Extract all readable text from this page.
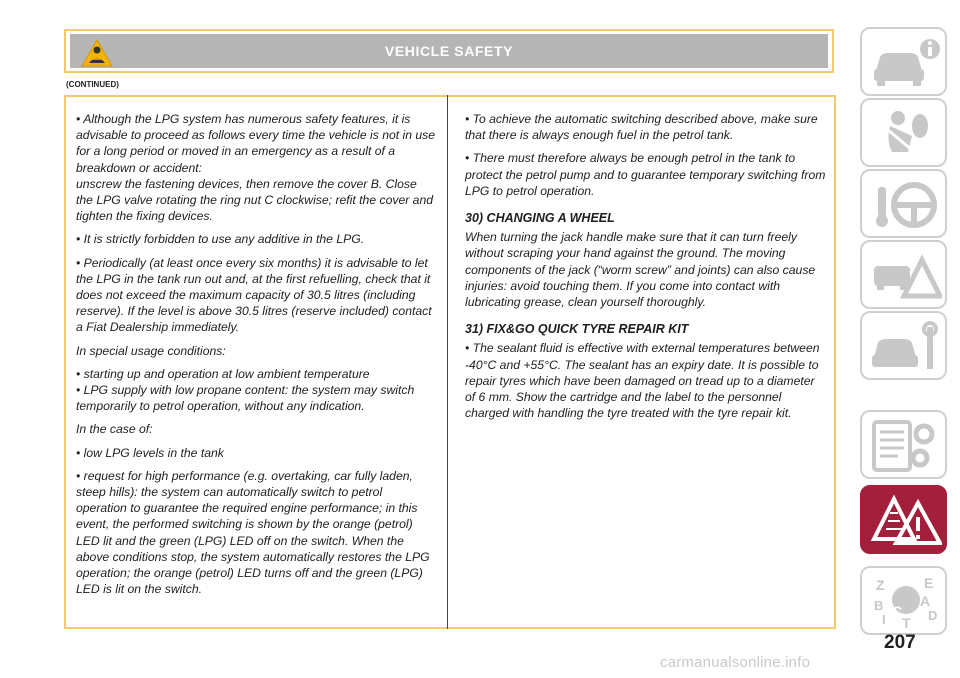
VEHICLE SAFETY
(CONTINUED)

• Although the LPG system has numerous safety features, it is advisable to proceed as follows every time the vehicle is not in use for a long period or moved in an emergency as a result of a breakdown or accident:

unscrew the fastening devices, then remove the cover B. Close the LPG valve rotating the ring nut C clockwise; refit the cover and tighten the fixing devices.

• It is strictly forbidden to use any additive in the LPG.

• Periodically (at least once every six months) it is advisable to let the LPG in the tank run out and, at the first refuelling, check that it does not exceed the maximum capacity of 30.5 litres (including reserve). If the level is above 30.5 litres (reserve included) contact a Fiat Dealership immediately.

In special usage conditions:

• starting up and operation at low ambient temperature

• LPG supply with low propane content: the system may switch temporarily to petrol operation, without any indication.

In the case of:

• low LPG levels in the tank

• request for high performance (e.g. overtaking, car fully laden, steep hills): the system can automatically switch to petrol operation to guarantee the required engine performance; in this event, the performed switching is shown by the orange (petrol) LED lit and the green (LPG) LED off on the switch. When the above conditions stop, the system automatically restores the LPG operation; the orange (petrol) LED turns off and the green (LPG) LED is lit on the switch.

• To achieve the automatic switching described above, make sure that there is always enough fuel in the petrol tank.

• There must therefore always be enough petrol in the tank to protect the petrol pump and to guarantee temporary switching from LPG to petrol operation.

30) CHANGING A WHEEL

When turning the jack handle make sure that it can turn freely without scraping your hand against the ground. The moving components of the jack (“worm screw” and joints) can also cause injuries: avoid touching them. If you come into contact with lubricating grease, clean yourself thoroughly.

31) FIX&GO QUICK TYRE REPAIR KIT

• The sealant fluid is effective with external temperatures between -40°C and +55°C. The sealant has an expiry date. It is possible to repair tyres which have been damaged on tread up to a diameter of 6 mm. Show the cartridge and the label to the personnel charged with handling the tyre treated with the tyre repair kit.

Z	E
B	A
C D
I T
207
carmanualsonline.info
